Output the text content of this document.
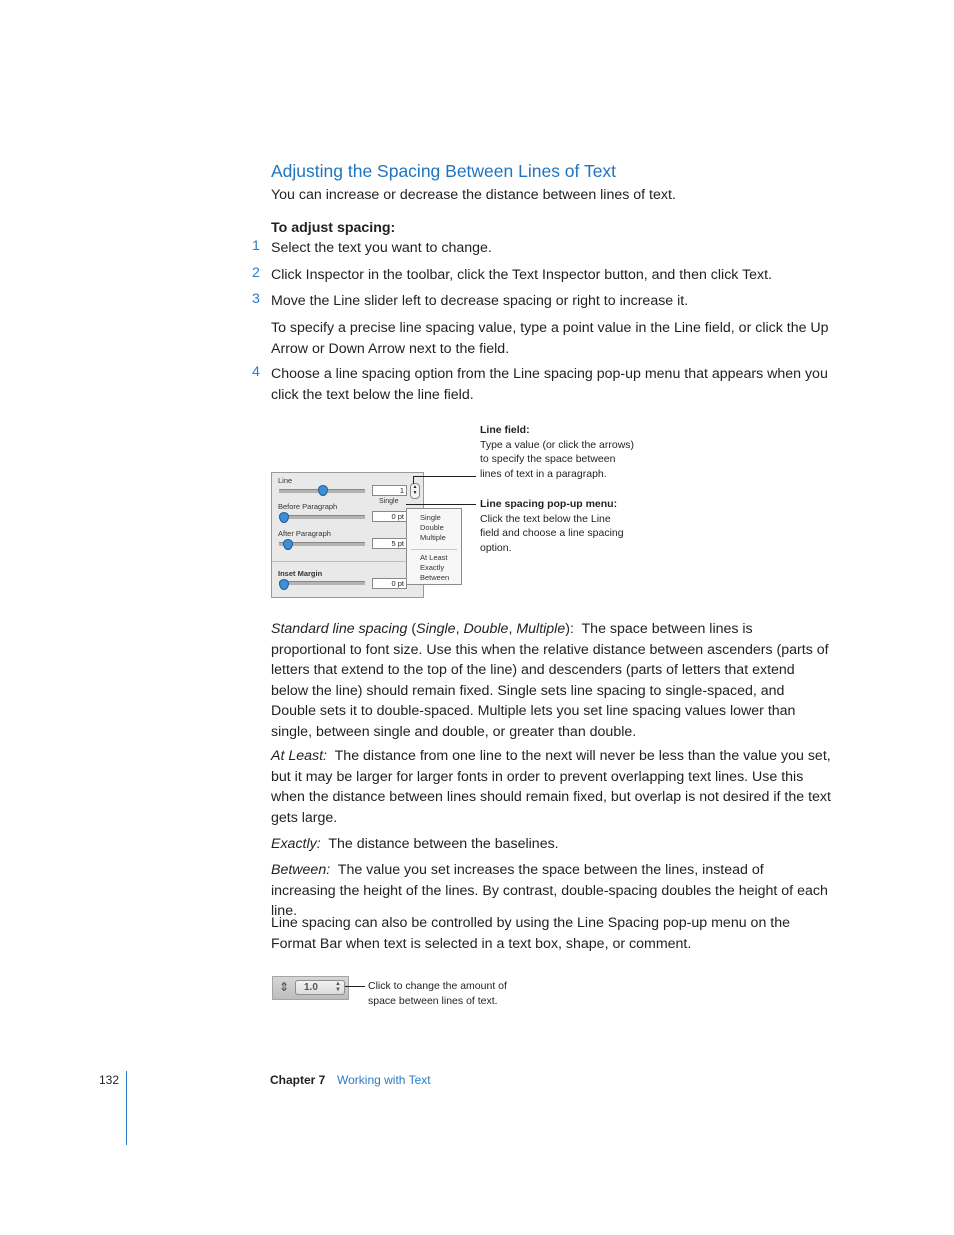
Adjusting the Spacing Between Lines of Text
You can increase or decrease the distance between lines of text.
To adjust spacing:
1 Select the text you want to change.
2 Click Inspector in the toolbar, click the Text Inspector button, and then click Text.
3 Move the Line slider left to decrease spacing or right to increase it.
To specify a precise line spacing value, type a point value in the Line field, or click the Up Arrow or Down Arrow next to the field.
4 Choose a line spacing option from the Line spacing pop-up menu that appears when you click the text below the line field.
Line
1	▲
▼
Single
Before Paragraph
0 pt
After Paragraph
5 pt
Inset Margin
0 pt
Single
Double
Multiple
At Least
Exactly
Between
Line field:
Type a value (or click the arrows)
to specify the space between
lines of text in a paragraph.
Line spacing pop-up menu:
Click the text below the Line
field and choose a line spacing
option.
Standard line spacing (Single, Double, Multiple):  The space between lines is proportional to font size. Use this when the relative distance between ascenders (parts of letters that extend to the top of the line) and descenders (parts of letters that extend below the line) should remain fixed. Single sets line spacing to single-spaced, and Double sets it to double-spaced. Multiple lets you set line spacing values lower than single, between single and double, or greater than double.
At Least: The distance from one line to the next will never be less than the value you set, but it may be larger for larger fonts in order to prevent overlapping text lines. Use this when the distance between lines should remain fixed, but overlap is not desired if the text gets large.
Exactly: The distance between the baselines.
Between: The value you set increases the space between the lines, instead of increasing the height of the lines. By contrast, double-spacing doubles the height of each line.
Line spacing can also be controlled by using the Line Spacing pop-up menu on the Format Bar when text is selected in a text box, shape, or comment.
⇕	1.0	▲
▼	Click to change the amount of
space between lines of text.
132	Chapter 7 Working with Text
